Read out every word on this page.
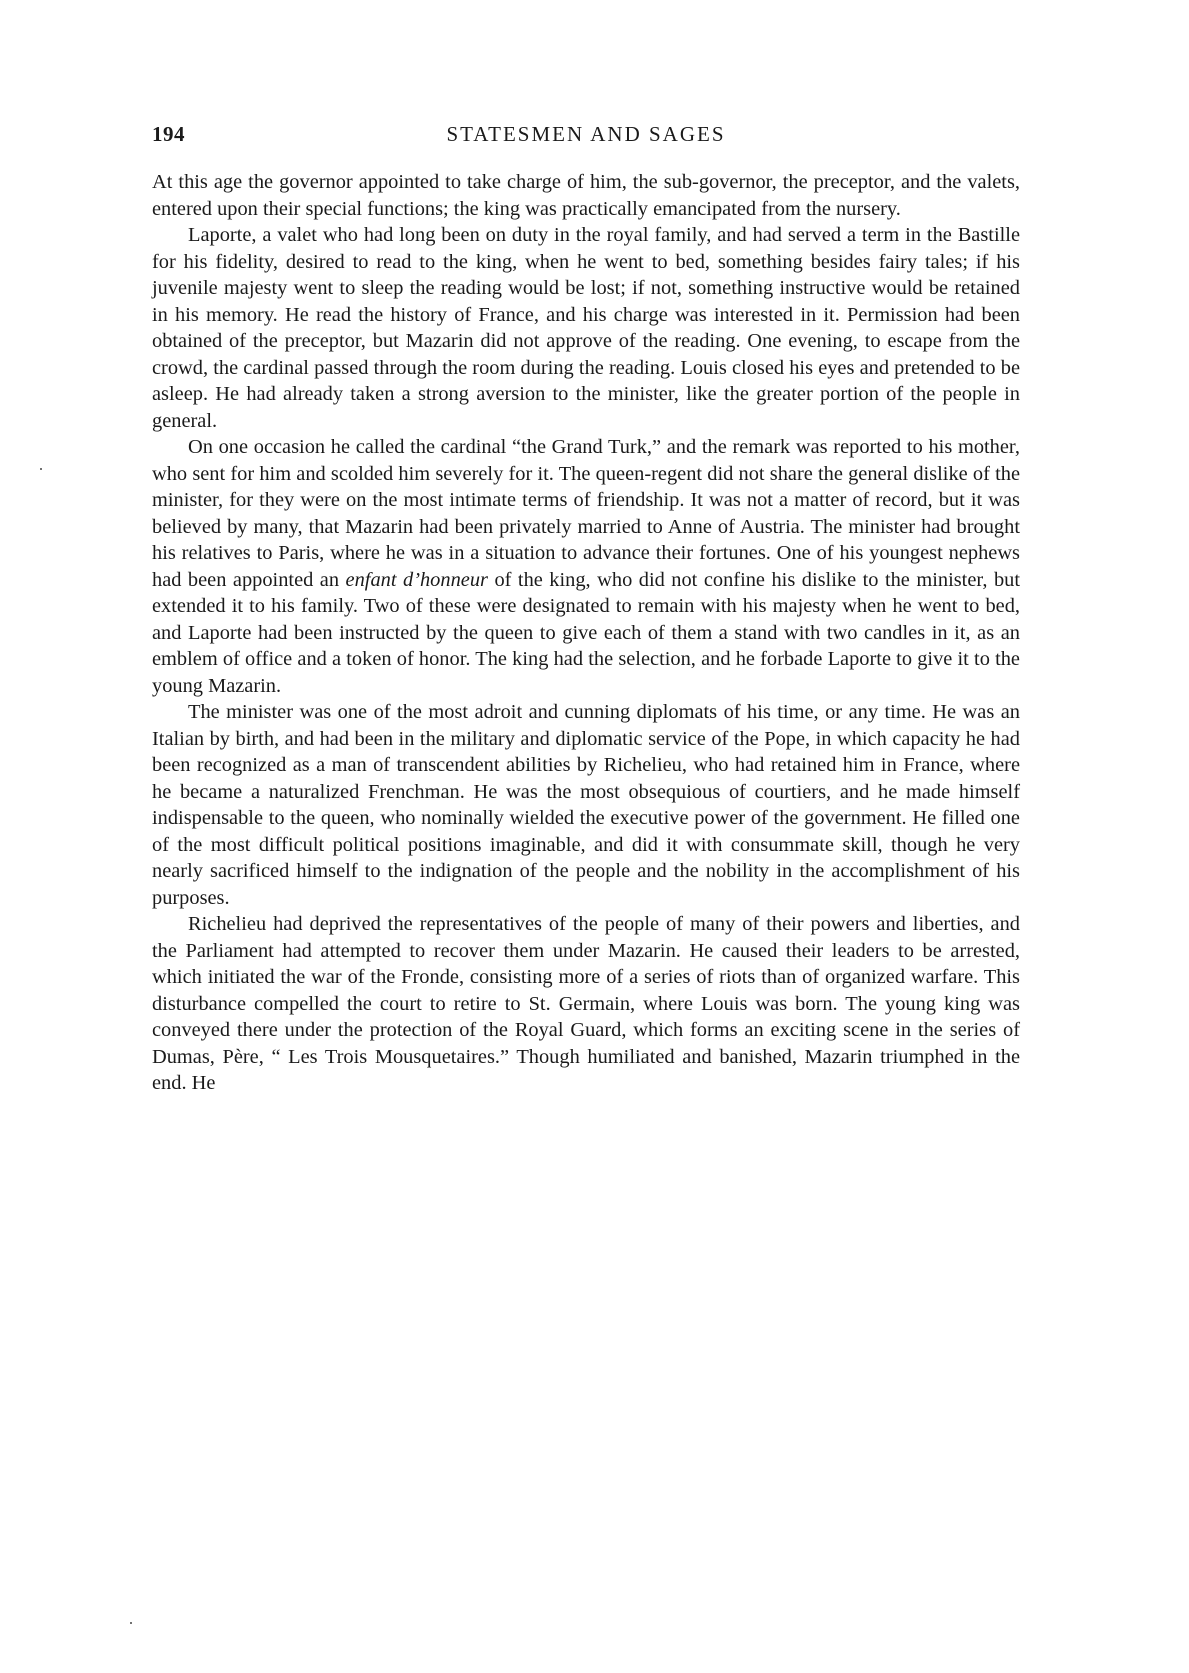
194	STATESMEN AND SAGES

At this age the governor appointed to take charge of him, the sub-governor, the preceptor, and the valets, entered upon their special functions; the king was practically emancipated from the nursery.

Laporte, a valet who had long been on duty in the royal family, and had served a term in the Bastille for his fidelity, desired to read to the king, when he went to bed, something besides fairy tales; if his juvenile majesty went to sleep the reading would be lost; if not, something instructive would be retained in his memory. He read the history of France, and his charge was interested in it. Permission had been obtained of the preceptor, but Mazarin did not approve of the reading. One evening, to escape from the crowd, the cardinal passed through the room during the reading. Louis closed his eyes and pretended to be asleep. He had already taken a strong aversion to the minister, like the greater portion of the people in general.

On one occasion he called the cardinal “the Grand Turk,” and the remark was reported to his mother, who sent for him and scolded him severely for it. The queen-regent did not share the general dislike of the minister, for they were on the most intimate terms of friendship. It was not a matter of record, but it was believed by many, that Mazarin had been privately married to Anne of Austria. The minister had brought his relatives to Paris, where he was in a situation to advance their fortunes. One of his youngest nephews had been appointed an enfant d’honneur of the king, who did not confine his dislike to the minister, but extended it to his family. Two of these were designated to remain with his majesty when he went to bed, and Laporte had been instructed by the queen to give each of them a stand with two candles in it, as an emblem of office and a token of honor. The king had the selection, and he forbade Laporte to give it to the young Mazarin.

The minister was one of the most adroit and cunning diplomats of his time, or any time. He was an Italian by birth, and had been in the military and diplomatic service of the Pope, in which capacity he had been recognized as a man of transcendent abilities by Richelieu, who had retained him in France, where he became a naturalized Frenchman. He was the most obsequious of courtiers, and he made himself indispensable to the queen, who nominally wielded the executive power of the government. He filled one of the most difficult political positions imaginable, and did it with consummate skill, though he very nearly sacrificed himself to the indignation of the people and the nobility in the accomplishment of his purposes.

Richelieu had deprived the representatives of the people of many of their powers and liberties, and the Parliament had attempted to recover them under Mazarin. He caused their leaders to be arrested, which initiated the war of the Fronde, consisting more of a series of riots than of organized warfare. This disturbance compelled the court to retire to St. Germain, where Louis was born. The young king was conveyed there under the protection of the Royal Guard, which forms an exciting scene in the series of Dumas, Père, “ Les Trois Mousquetaires.” Though humiliated and banished, Mazarin triumphed in the end. He
